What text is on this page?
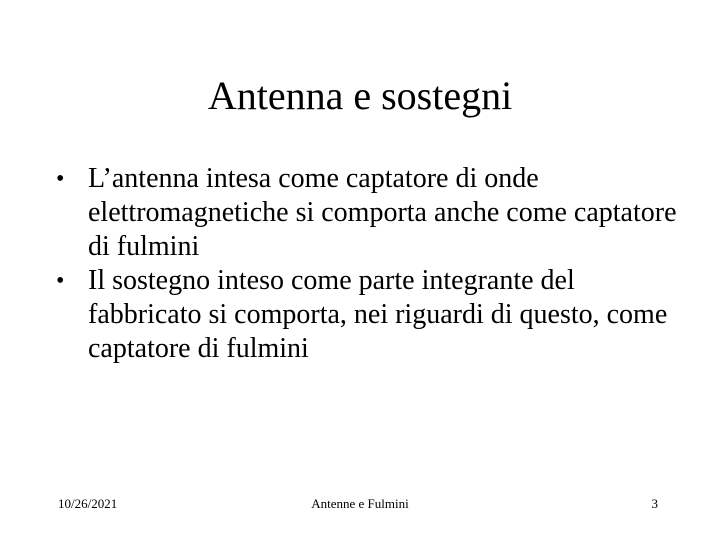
Antenna e sostegni
• L’antenna intesa come captatore di onde elettromagnetiche si comporta anche come captatore di fulmini
• Il sostegno inteso come parte integrante del fabbricato si comporta, nei riguardi di questo, come captatore di fulmini
10/26/2021	Antenne e Fulmini	3
